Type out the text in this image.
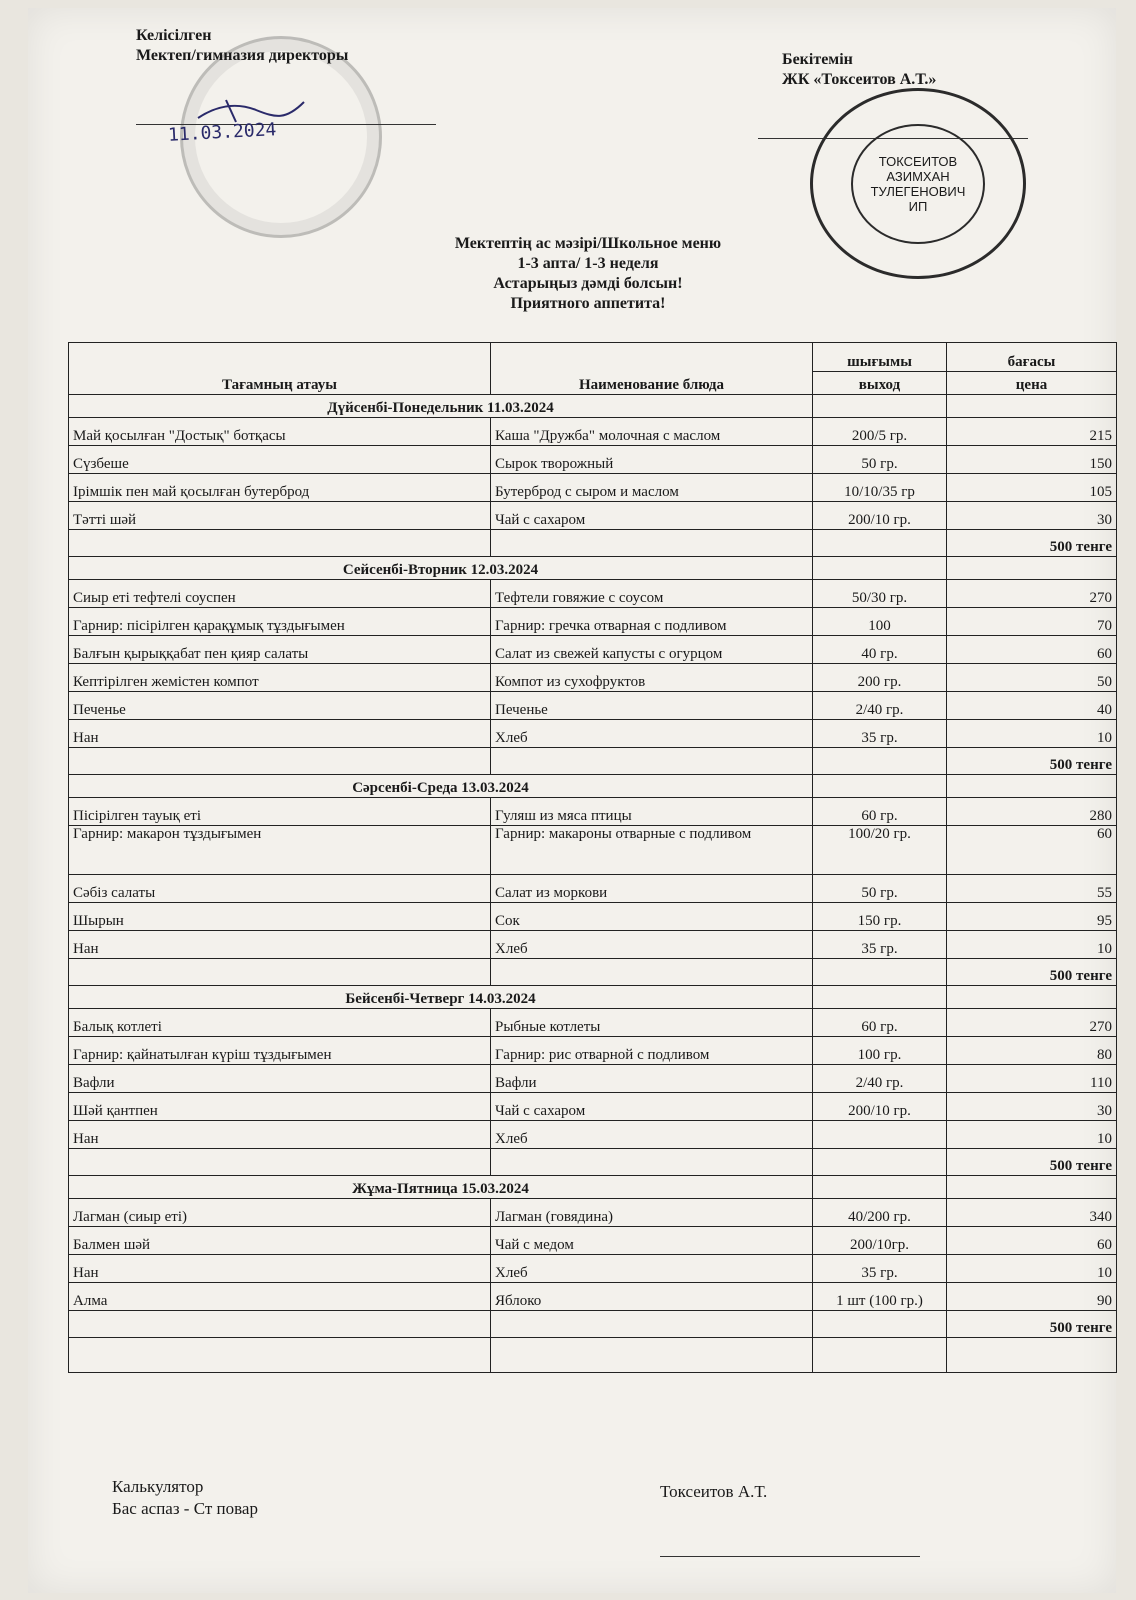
Келісілген
Мектеп/гимназия директоры
11.03.2024
Бекітемін
ЖК «Токсеитов А.Т.»
ТОКСЕИТОВ
АЗИМХАН
ТУЛЕГЕНОВИЧ
ИП
Мектептің ас мәзірі/Школьное меню
1-3 апта/ 1-3 неделя
Астарыңыз дәмді болсын!
Приятного аппетита!
Тағамның атауы	Наименование блюда	шығымы	бағасы
		выход	цена
Дүйсенбі-Понедельник 11.03.2024			
Май қосылған "Достық" ботқасы	Каша "Дружба" молочная с маслом	200/5 гр.	215
Сүзбеше	Сырок творожный	50 гр.	150
Ірімшік пен май қосылған бутерброд	Бутерброд с сыром и маслом	10/10/35 гр	105
Тәтті шәй	Чай с сахаром	200/10 гр.	30
			500 тенге
Сейсенбі-Вторник 12.03.2024			
Сиыр еті тефтелі соуспен	Тефтели говяжие с соусом	50/30 гр.	270
Гарнир: пісірілген қарақұмық тұздығымен	Гарнир: гречка отварная с подливом	100	70
Балғын қырыққабат пен қияр салаты	Салат из свежей капусты с огурцом	40 гр.	60
Кептірілген жемістен компот	Компот из сухофруктов	200 гр.	50
Печенье	Печенье	2/40 гр.	40
Нан	Хлеб	35 гр.	10
			500 тенге
Сәрсенбі-Среда 13.03.2024			
Пісірілген тауық еті	Гуляш из мяса птицы	60 гр.	280
Гарнир: макарон тұздығымен	Гарнир: макароны отварные с подливом	100/20 гр.	60
Сәбіз салаты	Салат из моркови	50 гр.	55
Шырын	Сок	150 гр.	95
Нан	Хлеб	35 гр.	10
			500 тенге
Бейсенбі-Четверг 14.03.2024			
Балық котлеті	Рыбные котлеты	60 гр.	270
Гарнир: қайнатылған күріш тұздығымен	Гарнир: рис отварной с подливом	100 гр.	80
Вафли	Вафли	2/40 гр.	110
Шәй қантпен	Чай с сахаром	200/10 гр.	30
Нан	Хлеб		10
			500 тенге
Жұма-Пятница 15.03.2024			
Лагман (сиыр еті)	Лагман (говядина)	40/200 гр.	340
Балмен шәй	Чай с медом	200/10гр.	60
Нан	Хлеб	35 гр.	10
Алма	Яблоко	1 шт (100 гр.)	90
			500 тенге

Калькулятор
Бас аспаз - Ст повар
Токсеитов А.Т.
